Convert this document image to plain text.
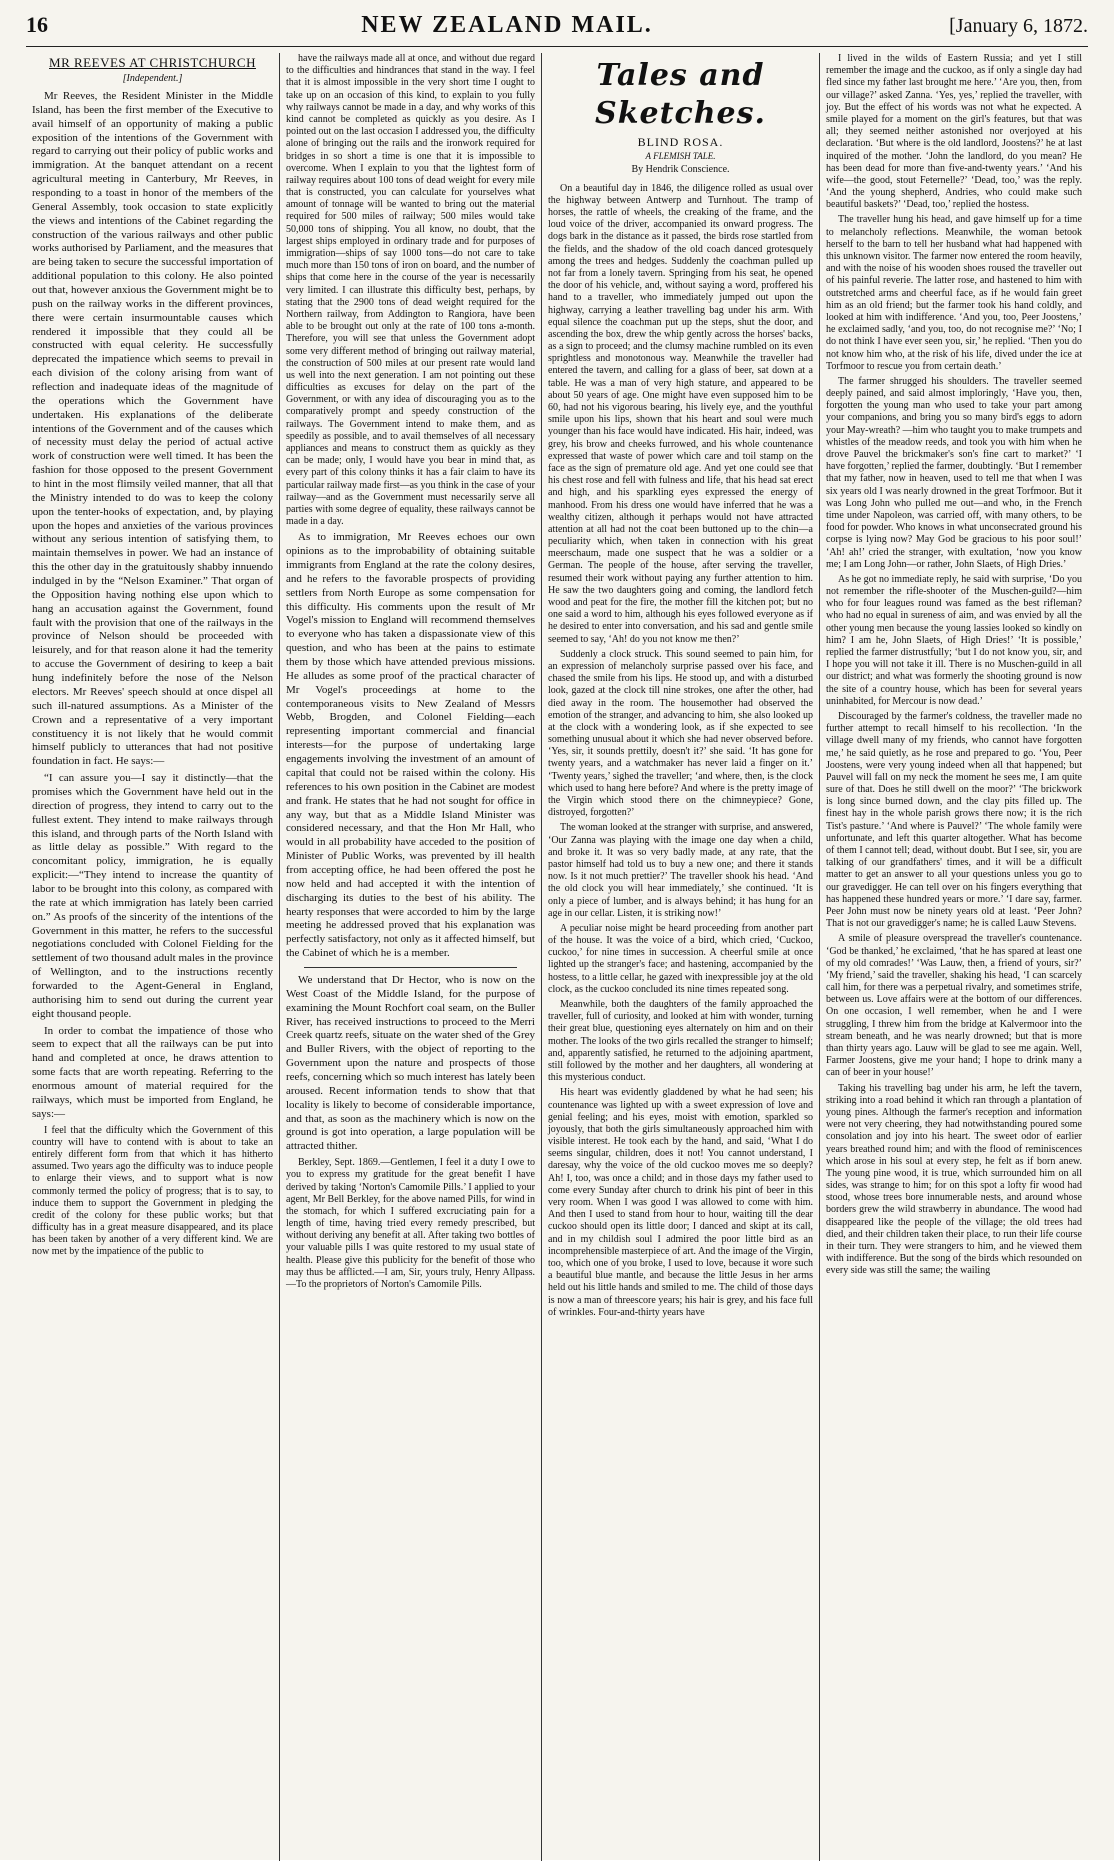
16	NEW ZEALAND MAIL.	[January 6, 1872.
MR REEVES AT CHRISTCHURCH
[Independent.]

Mr Reeves, the Resident Minister in the Middle Island, has been the first member of the Executive to avail himself of an opportunity of making a public exposition of the intentions of the Government with regard to carrying out their policy of public works and immigration. At the banquet attendant on a recent agricultural meeting in Canterbury, Mr Reeves, in responding to a toast in honor of the members of the General Assembly, took occasion to state explicitly the views and intentions of the Cabinet regarding the construction of the various railways and other public works authorised by Parliament, and the measures that are being taken to secure the successful importation of additional population to this colony. He also pointed out that, however anxious the Government might be to push on the railway works in the different provinces, there were certain insurmountable causes which rendered it impossible that they could all be constructed with equal celerity. He successfully deprecated the impatience which seems to prevail in each division of the colony arising from want of reflection and inadequate ideas of the magnitude of the operations which the Government have undertaken. His explanations of the deliberate intentions of the Government and of the causes which of necessity must delay the period of actual active work of construction were well timed. It has been the fashion for those opposed to the present Government to hint in the most flimsily veiled manner, that all that the Ministry intended to do was to keep the colony upon the tenter-hooks of expectation, and, by playing upon the hopes and anxieties of the various provinces without any serious intention of satisfying them, to maintain themselves in power. We had an instance of this the other day in the gratuitously shabby innuendo indulged in by the “Nelson Examiner.” That organ of the Opposition having nothing else upon which to hang an accusation against the Government, found fault with the provision that one of the railways in the province of Nelson should be proceeded with leisurely, and for that reason alone it had the temerity to accuse the Government of desiring to keep a bait hung indefinitely before the nose of the Nelson electors. Mr Reeves' speech should at once dispel all such ill-natured assumptions. As a Minister of the Crown and a representative of a very important constituency it is not likely that he would commit himself publicly to utterances that had not positive foundation in fact. He says:—

“I can assure you—I say it distinctly—that the promises which the Government have held out in the direction of progress, they intend to carry out to the fullest extent. They intend to make railways through this island, and through parts of the North Island with as little delay as possible.” With regard to the concomitant policy, immigration, he is equally explicit:—“They intend to increase the quantity of labor to be brought into this colony, as compared with the rate at which immigration has lately been carried on.” As proofs of the sincerity of the intentions of the Government in this matter, he refers to the successful negotiations concluded with Colonel Fielding for the settlement of two thousand adult males in the province of Wellington, and to the instructions recently forwarded to the Agent-General in England, authorising him to send out during the current year eight thousand people.

In order to combat the impatience of those who seem to expect that all the railways can be put into hand and completed at once, he draws attention to some facts that are worth repeating. Referring to the enormous amount of material required for the railways, which must be imported from England, he says:—

I feel that the difficulty which the Government of this country will have to contend with is about to take an entirely different form from that which it has hitherto assumed. Two years ago the difficulty was to induce people to enlarge their views, and to support what is now commonly termed the policy of progress; that is to say, to induce them to support the Government in pledging the credit of the colony for these public works; but that difficulty has in a great measure disappeared, and its place has been taken by another of a very different kind. We are now met by the impatience of the public to

have the railways made all at once, and without due regard to the difficulties and hindrances that stand in the way. I feel that it is almost impossible in the very short time I ought to take up on an occasion of this kind, to explain to you fully why railways cannot be made in a day, and why works of this kind cannot be completed as quickly as you desire. As I pointed out on the last occasion I addressed you, the difficulty alone of bringing out the rails and the ironwork required for bridges in so short a time is one that it is impossible to overcome. When I explain to you that the lightest form of railway requires about 100 tons of dead weight for every mile that is constructed, you can calculate for yourselves what amount of tonnage will be wanted to bring out the material required for 500 miles of railway; 500 miles would take 50,000 tons of shipping. You all know, no doubt, that the largest ships employed in ordinary trade and for purposes of immigration—ships of say 1000 tons—do not care to take much more than 150 tons of iron on board, and the number of ships that come here in the course of the year is necessarily very limited. I can illustrate this difficulty best, perhaps, by stating that the 2900 tons of dead weight required for the Northern railway, from Addington to Rangiora, have been able to be brought out only at the rate of 100 tons a-month. Therefore, you will see that unless the Government adopt some very different method of bringing out railway material, the construction of 500 miles at our present rate would land us well into the next generation. I am not pointing out these difficulties as excuses for delay on the part of the Government, or with any idea of discouraging you as to the comparatively prompt and speedy construction of the railways. The Government intend to make them, and as speedily as possible, and to avail themselves of all necessary appliances and means to construct them as quickly as they can be made; only, I would have you bear in mind that, as every part of this colony thinks it has a fair claim to have its particular railway made first—as you think in the case of your railway—and as the Government must necessarily serve all parties with some degree of equality, these railways cannot be made in a day.

As to immigration, Mr Reeves echoes our own opinions as to the improbability of obtaining suitable immigrants from England at the rate the colony desires, and he refers to the favorable prospects of providing settlers from North Europe as some compensation for this difficulty. His comments upon the result of Mr Vogel's mission to England will recommend themselves to everyone who has taken a dispassionate view of this question, and who has been at the pains to estimate them by those which have attended previous missions. He alludes as some proof of the practical character of Mr Vogel's proceedings at home to the contemporaneous visits to New Zealand of Messrs Webb, Brogden, and Colonel Fielding—each representing important commercial and financial interests—for the purpose of undertaking large engagements involving the investment of an amount of capital that could not be raised within the colony. His references to his own position in the Cabinet are modest and frank. He states that he had not sought for office in any way, but that as a Middle Island Minister was considered necessary, and that the Hon Mr Hall, who would in all probability have acceded to the position of Minister of Public Works, was prevented by ill health from accepting office, he had been offered the post he now held and had accepted it with the intention of discharging its duties to the best of his ability. The hearty responses that were accorded to him by the large meeting he addressed proved that his explanation was perfectly satisfactory, not only as it affected himself, but the Cabinet of which he is a member.

We understand that Dr Hector, who is now on the West Coast of the Middle Island, for the purpose of examining the Mount Rochfort coal seam, on the Buller River, has received instructions to proceed to the Merri Creek quartz reefs, situate on the water shed of the Grey and Buller Rivers, with the object of reporting to the Government upon the nature and prospects of those reefs, concerning which so much interest has lately been aroused. Recent information tends to show that that locality is likely to become of considerable importance, and that, as soon as the machinery which is now on the ground is got into operation, a large population will be attracted thither.

Berkley, Sept. 1869.—Gentlemen, I feel it a duty I owe to you to express my gratitude for the great benefit I have derived by taking ‘Norton's Camomile Pills.’ I applied to your agent, Mr Bell Berkley, for the above named Pills, for wind in the stomach, for which I suffered excruciating pain for a length of time, having tried every remedy prescribed, but without deriving any benefit at all. After taking two bottles of your valuable pills I was quite restored to my usual state of health. Please give this publicity for the benefit of those who may thus be afflicted.—I am, Sir, yours truly, Henry Allpass.—To the proprietors of Norton's Camomile Pills.

Tales and Sketches.
BLIND ROSA.
A FLEMISH TALE.
By Hendrik Conscience.

On a beautiful day in 1846, the diligence rolled as usual over the highway between Antwerp and Turnhout. The tramp of horses, the rattle of wheels, the creaking of the frame, and the loud voice of the driver, accompanied its onward progress. The dogs bark in the distance as it passed, the birds rose startled from the fields, and the shadow of the old coach danced grotesquely among the trees and hedges. Suddenly the coachman pulled up not far from a lonely tavern. Springing from his seat, he opened the door of his vehicle, and, without saying a word, proffered his hand to a traveller, who immediately jumped out upon the highway, carrying a leather travelling bag under his arm. With equal silence the coachman put up the steps, shut the door, and ascending the box, drew the whip gently across the horses' backs, as a sign to proceed; and the clumsy machine rumbled on its even sprightless and monotonous way. Meanwhile the traveller had entered the tavern, and calling for a glass of beer, sat down at a table. He was a man of very high stature, and appeared to be about 50 years of age. One might have even supposed him to be 60, had not his vigorous bearing, his lively eye, and the youthful smile upon his lips, shown that his heart and soul were much younger than his face would have indicated. His hair, indeed, was grey, his brow and cheeks furrowed, and his whole countenance expressed that waste of power which care and toil stamp on the face as the sign of premature old age. And yet one could see that his chest rose and fell with fulness and life, that his head sat erect and high, and his sparkling eyes expressed the energy of manhood. From his dress one would have inferred that he was a wealthy citizen, although it perhaps would not have attracted attention at all had not the coat been buttoned up to the chin—a peculiarity which, when taken in connection with his great meerschaum, made one suspect that he was a soldier or a German. The people of the house, after serving the traveller, resumed their work without paying any further attention to him. He saw the two daughters going and coming, the landlord fetch wood and peat for the fire, the mother fill the kitchen pot; but no one said a word to him, although his eyes followed everyone as if he desired to enter into conversation, and his sad and gentle smile seemed to say, ‘Ah! do you not know me then?’

Suddenly a clock struck. This sound seemed to pain him, for an expression of melancholy surprise passed over his face, and chased the smile from his lips. He stood up, and with a disturbed look, gazed at the clock till nine strokes, one after the other, had died away in the room. The housemother had observed the emotion of the stranger, and advancing to him, she also looked up at the clock with a wondering look, as if she expected to see something unusual about it which she had never observed before. ‘Yes, sir, it sounds prettily, doesn't it?’ she said. ‘It has gone for twenty years, and a watchmaker has never laid a finger on it.’ ‘Twenty years,’ sighed the traveller; ‘and where, then, is the clock which used to hang here before? And where is the pretty image of the Virgin which stood there on the chimneypiece? Gone, distroyed, forgotten?’

The woman looked at the stranger with surprise, and answered, ‘Our Zanna was playing with the image one day when a child, and broke it. It was so very badly made, at any rate, that the pastor himself had told us to buy a new one; and there it stands now. Is it not much prettier?’ The traveller shook his head. ‘And the old clock you will hear immediately,’ she continued. ‘It is only a piece of lumber, and is always behind; it has hung for an age in our cellar. Listen, it is striking now!’

A peculiar noise might be heard proceeding from another part of the house. It was the voice of a bird, which cried, ‘Cuckoo, cuckoo,’ for nine times in succession. A cheerful smile at once lighted up the stranger's face; and hastening, accompanied by the hostess, to a little cellar, he gazed with inexpressible joy at the old clock, as the cuckoo concluded its nine times repeated song.

Meanwhile, both the daughters of the family approached the traveller, full of curiosity, and looked at him with wonder, turning their great blue, questioning eyes alternately on him and on their mother. The looks of the two girls recalled the stranger to himself; and, apparently satisfied, he returned to the adjoining apartment, still followed by the mother and her daughters, all wondering at this mysterious conduct.

His heart was evidently gladdened by what he had seen; his countenance was lighted up with a sweet expression of love and genial feeling; and his eyes, moist with emotion, sparkled so joyously, that both the girls simultaneously approached him with visible interest. He took each by the hand, and said, ‘What I do seems singular, children, does it not! You cannot understand, I daresay, why the voice of the old cuckoo moves me so deeply? Ah! I, too, was once a child; and in those days my father used to come every Sunday after church to drink his pint of beer in this very room. When I was good I was allowed to come with him. And then I used to stand from hour to hour, waiting till the dear cuckoo should open its little door; I danced and skipt at its call, and in my childish soul I admired the poor little bird as an incomprehensible masterpiece of art. And the image of the Virgin, too, which one of you broke, I used to love, because it wore such a beautiful blue mantle, and because the little Jesus in her arms held out his little hands and smiled to me. The child of those days is now a man of threescore years; his hair is grey, and his face full of wrinkles. Four-and-thirty years have

I lived in the wilds of Eastern Russia; and yet I still remember the image and the cuckoo, as if only a single day had fled since my father last brought me here.’ ‘Are you, then, from our village?’ asked Zanna. ‘Yes, yes,’ replied the traveller, with joy. But the effect of his words was not what he expected. A smile played for a moment on the girl's features, but that was all; they seemed neither astonished nor overjoyed at his declaration. ‘But where is the old landlord, Joostens?’ he at last inquired of the mother. ‘John the landlord, do you mean? He has been dead for more than five-and-twenty years.’ ‘And his wife—the good, stout Feternelle?’ ‘Dead, too,’ was the reply. ‘And the young shepherd, Andries, who could make such beautiful baskets?’ ‘Dead, too,’ replied the hostess.

The traveller hung his head, and gave himself up for a time to melancholy reflections. Meanwhile, the woman betook herself to the barn to tell her husband what had happened with this unknown visitor. The farmer now entered the room heavily, and with the noise of his wooden shoes roused the traveller out of his painful reverie. The latter rose, and hastened to him with outstretched arms and cheerful face, as if he would fain greet him as an old friend; but the farmer took his hand coldly, and looked at him with indifference. ‘And you, too, Peer Joostens,’ he exclaimed sadly, ‘and you, too, do not recognise me?’ ‘No; I do not think I have ever seen you, sir,’ he replied. ‘Then you do not know him who, at the risk of his life, dived under the ice at Torfmoor to rescue you from certain death.’

The farmer shrugged his shoulders. The traveller seemed deeply pained, and said almost imploringly, ‘Have you, then, forgotten the young man who used to take your part among your companions, and bring you so many bird's eggs to adorn your May-wreath? —him who taught you to make trumpets and whistles of the meadow reeds, and took you with him when he drove Pauvel the brickmaker's son's fine cart to market?’ ‘I have forgotten,’ replied the farmer, doubtingly. ‘But I remember that my father, now in heaven, used to tell me that when I was six years old I was nearly drowned in the great Torfmoor. But it was Long John who pulled me out—and who, in the French time under Napoleon, was carried off, with many others, to be food for powder. Who knows in what unconsecrated ground his corpse is lying now? May God be gracious to his poor soul!’ ‘Ah! ah!’ cried the stranger, with exultation, ‘now you know me; I am Long John—or rather, John Slaets, of High Dries.’

As he got no immediate reply, he said with surprise, ‘Do you not remember the rifle-shooter of the Muschen-guild?—him who for four leagues round was famed as the best rifleman? who had no equal in sureness of aim, and was envied by all the other young men because the young lassies looked so kindly on him? I am he, John Slaets, of High Dries!’ ‘It is possible,’ replied the farmer distrustfully; ‘but I do not know you, sir, and I hope you will not take it ill. There is no Muschen-guild in all our district; and what was formerly the shooting ground is now the site of a country house, which has been for several years uninhabited, for Mercour is now dead.’

Discouraged by the farmer's coldness, the traveller made no further attempt to recall himself to his recollection. ‘In the village dwell many of my friends, who cannot have forgotten me,’ he said quietly, as he rose and prepared to go. ‘You, Peer Joostens, were very young indeed when all that happened; but Pauvel will fall on my neck the moment he sees me, I am quite sure of that. Does he still dwell on the moor?’ ‘The brickwork is long since burned down, and the clay pits filled up. The finest hay in the whole parish grows there now; it is the rich Tist's pasture.’ ‘And where is Pauvel?’ ‘The whole family were unfortunate, and left this quarter altogether. What has become of them I cannot tell; dead, without doubt. But I see, sir, you are talking of our grandfathers' times, and it will be a difficult matter to get an answer to all your questions unless you go to our gravedigger. He can tell over on his fingers everything that has happened these hundred years or more.’ ‘I dare say, farmer. Peer John must now be ninety years old at least. ‘Peer John? That is not our gravedigger's name; he is called Lauw Stevens.

A smile of pleasure overspread the traveller's countenance. ‘God be thanked,’ he exclaimed, ‘that he has spared at least one of my old comrades!’ ‘Was Lauw, then, a friend of yours, sir?’ ‘My friend,’ said the traveller, shaking his head, ‘I can scarcely call him, for there was a perpetual rivalry, and sometimes strife, between us. Love affairs were at the bottom of our differences. On one occasion, I well remember, when he and I were struggling, I threw him from the bridge at Kalvermoor into the stream beneath, and he was nearly drowned; but that is more than thirty years ago. Lauw will be glad to see me again. Well, Farmer Joostens, give me your hand; I hope to drink many a can of beer in your house!’

Taking his travelling bag under his arm, he left the tavern, striking into a road behind it which ran through a plantation of young pines. Although the farmer's reception and information were not very cheering, they had notwithstanding poured some consolation and joy into his heart. The sweet odor of earlier years breathed round him; and with the flood of reminiscences which arose in his soul at every step, he felt as if born anew. The young pine wood, it is true, which surrounded him on all sides, was strange to him; for on this spot a lofty fir wood had stood, whose trees bore innumerable nests, and around whose borders grew the wild strawberry in abundance. The wood had disappeared like the people of the village; the old trees had died, and their children taken their place, to run their life course in their turn. They were strangers to him, and he viewed them with indifference. But the song of the birds which resounded on every side was still the same; the wailing
